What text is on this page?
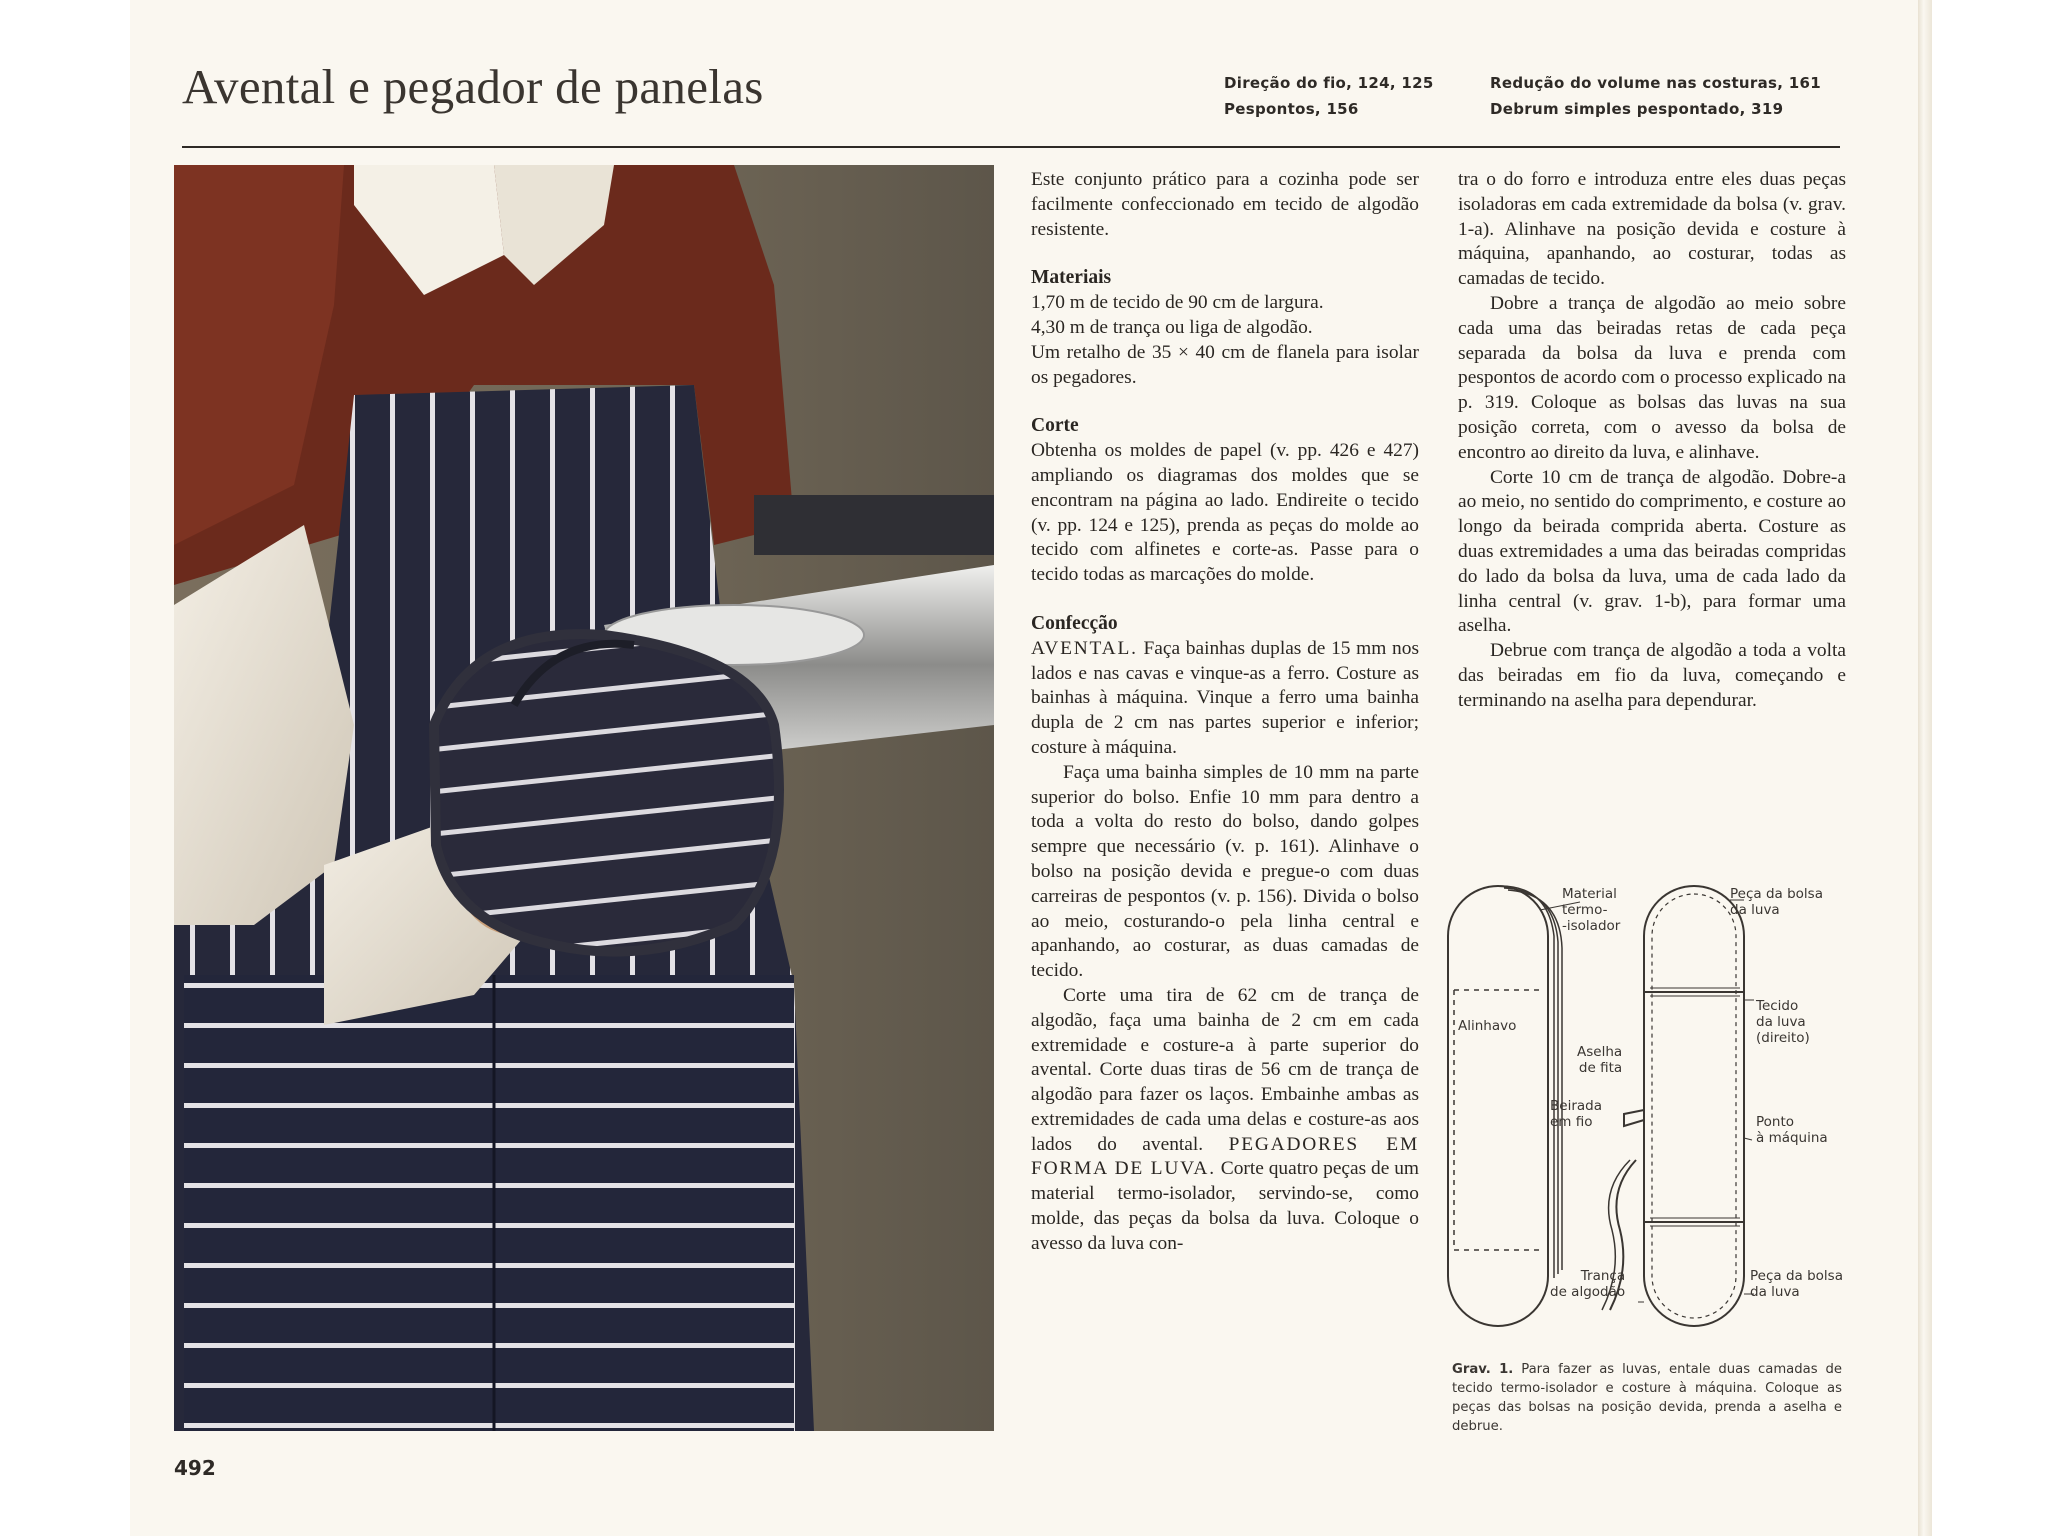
Avental e pegador de panelas	Direção do fio, 124, 125
Pespontos, 156
Redução do volume nas costuras, 161
Debrum simples pespontado, 319

Este conjunto prático para a cozinha pode ser facilmente confeccionado em tecido de algodão resistente.

Materiais

1,70 m de tecido de 90 cm de largura.

4,30 m de trança ou liga de algodão.

Um retalho de 35 × 40 cm de flanela para isolar os pegadores.

Corte

Obtenha os moldes de papel (v. pp. 426 e 427) ampliando os diagramas dos moldes que se encontram na página ao lado. Endireite o tecido (v. pp. 124 e 125), prenda as peças do molde ao tecido com alfinetes e corte-as. Passe para o tecido todas as marcações do molde.

Confecção

AVENTAL. Faça bainhas duplas de 15 mm nos lados e nas cavas e vinque-as a ferro. Costure as bainhas à máquina. Vinque a ferro uma bainha dupla de 2 cm nas partes superior e inferior; costure à máquina.

Faça uma bainha simples de 10 mm na parte superior do bolso. Enfie 10 mm para dentro a toda a volta do resto do bolso, dando golpes sempre que necessário (v. p. 161). Alinhave o bolso na posição devida e pregue-o com duas carreiras de pespontos (v. p. 156). Divida o bolso ao meio, costurando-o pela linha central e apanhando, ao costurar, as duas camadas de tecido.

Corte uma tira de 62 cm de trança de algodão, faça uma bainha de 2 cm em cada extremidade e costure-a à parte superior do avental. Corte duas tiras de 56 cm de trança de algodão para fazer os laços. Embainhe ambas as extremidades de cada uma delas e costure-as aos lados do avental. PEGADORES EM FORMA DE LUVA. Corte quatro peças de um material termo-isolador, servindo-se, como molde, das peças da bolsa da luva. Coloque o avesso da luva con-

tra o do forro e introduza entre eles duas peças isoladoras em cada extremidade da bolsa (v. grav. 1-a). Alinhave na posição devida e costure à máquina, apanhando, ao costurar, todas as camadas de tecido.

Dobre a trança de algodão ao meio sobre cada uma das beiradas retas de cada peça separada da bolsa da luva e prenda com pespontos de acordo com o processo explicado na p. 319. Coloque as bolsas das luvas na sua posição correta, com o avesso da bolsa de encontro ao direito da luva, e alinhave.

Corte 10 cm de trança de algodão. Dobre-a ao meio, no sentido do comprimento, e costure ao longo da beirada comprida aberta. Costure as duas extremidades a uma das beiradas compridas do lado da bolsa da luva, uma de cada lado da linha central (v. grav. 1-b), para formar uma aselha.

Debrue com trança de algodão a toda a volta das beiradas em fio da luva, começando e terminando na aselha para dependurar.

Material
termo-
-isolador
Alinhavo
Aselha
de fita
Beirada
em fio
Trança
de algodão
Peça da bolsa
da luva
Tecido
da luva
(direito)
Ponto
à máquina
Peça da bolsa
da luva
Grav. 1. Para fazer as luvas, entale duas camadas de tecido termo-isolador e costure à máquina. Coloque as peças das bolsas na posição devida, prenda a aselha e debrue.

492
